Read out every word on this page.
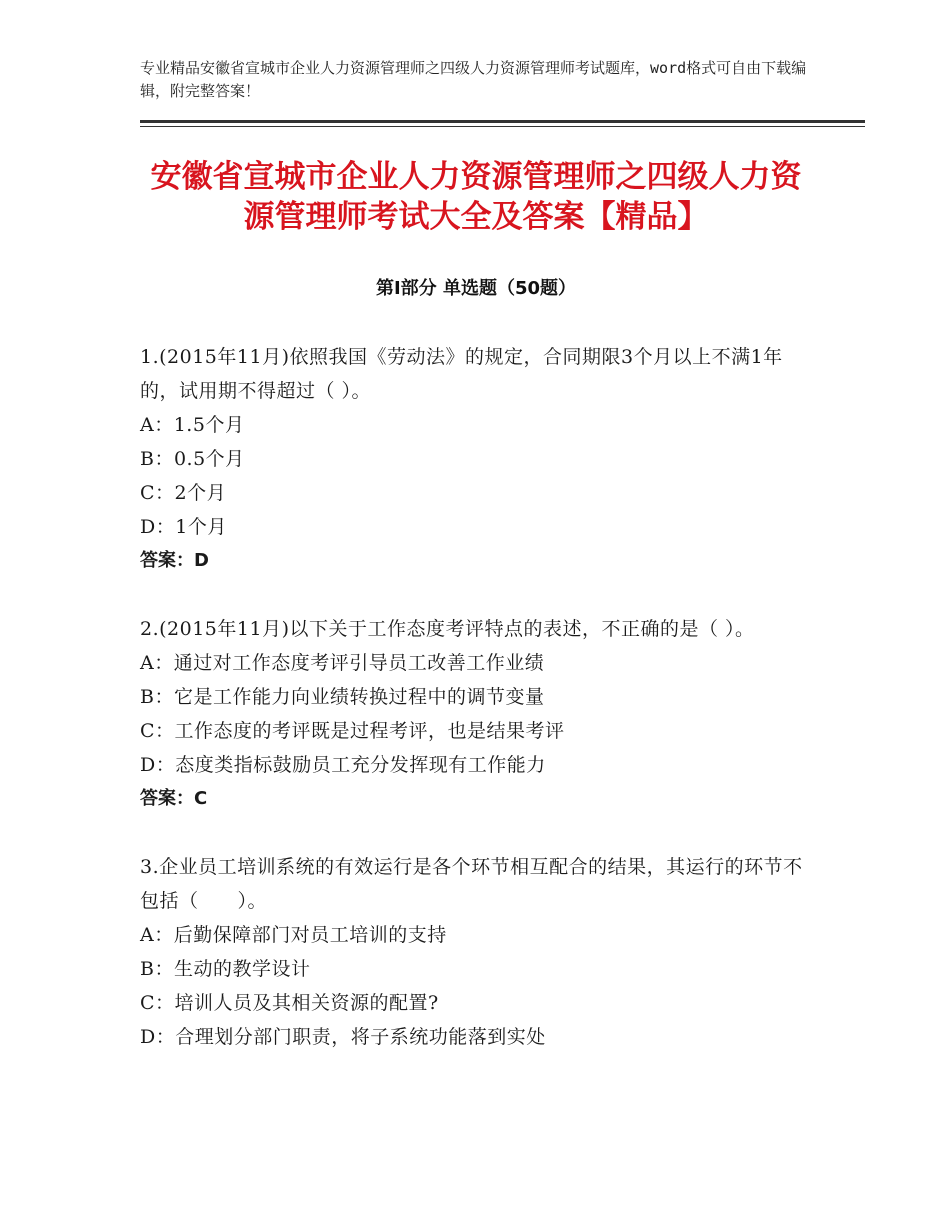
专业精品安徽省宣城市企业人力资源管理师之四级人力资源管理师考试题库，word格式可自由下载编辑，附完整答案！
安徽省宣城市企业人力资源管理师之四级人力资源管理师考试大全及答案【精品】
第Ⅰ部分 单选题（50题）

1.(2015年11月)依照我国《劳动法》的规定，合同期限3个月以上不满1年的，试用期不得超过（ ）。

A：1.5个月

B：0.5个月

C：2个月

D：1个月

答案：D

2.(2015年11月)以下关于工作态度考评特点的表述，不正确的是（ ）。

A：通过对工作态度考评引导员工改善工作业绩

B：它是工作能力向业绩转换过程中的调节变量

C：工作态度的考评既是过程考评，也是结果考评

D：态度类指标鼓励员工充分发挥现有工作能力

答案：C

3.企业员工培训系统的有效运行是各个环节相互配合的结果，其运行的环节不包括（　　）。

A：后勤保障部门对员工培训的支持

B：生动的教学设计

C：培训人员及其相关资源的配置?

D：合理划分部门职责，将子系统功能落到实处
